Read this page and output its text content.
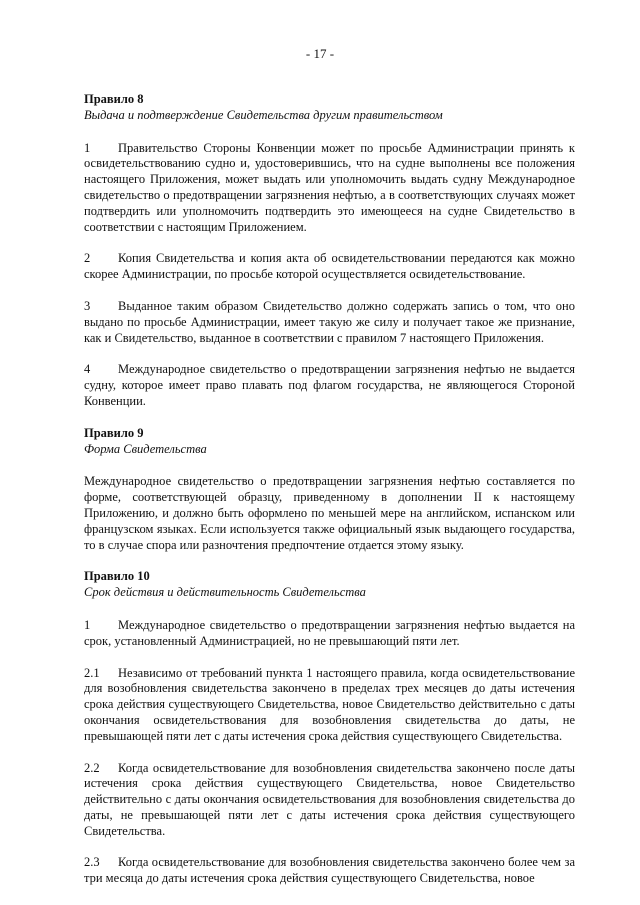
- 17 -

Правило 8

Выдача и подтверждение Свидетельства другим правительством

1 Правительство Стороны Конвенции может по просьбе Администрации принять к освидетельствованию судно и, удостоверившись, что на судне выполнены все положения настоящего Приложения, может выдать или уполномочить выдать судну Международное свидетельство о предотвращении загрязнения нефтью, а в соответствующих случаях может подтвердить или уполномочить подтвердить это имеющееся на судне Свидетельство в соответствии с настоящим Приложением.

2 Копия Свидетельства и копия акта об освидетельствовании передаются как можно скорее Администрации, по просьбе которой осуществляется освидетельствование.

3 Выданное таким образом Свидетельство должно содержать запись о том, что оно выдано по просьбе Администрации, имеет такую же силу и получает такое же признание, как и Свидетельство, выданное в соответствии с правилом 7 настоящего Приложения.

4 Международное свидетельство о предотвращении загрязнения нефтью не выдается судну, которое имеет право плавать под флагом государства, не являющегося Стороной Конвенции.

Правило 9

Форма Свидетельства

Международное свидетельство о предотвращении загрязнения нефтью составляется по форме, соответствующей образцу, приведенному в дополнении II к настоящему Приложению, и должно быть оформлено по меньшей мере на английском, испанском или французском языках. Если используется также официальный язык выдающего государства, то в случае спора или разночтения предпочтение отдается этому языку.

Правило 10

Срок действия и действительность Свидетельства

1 Международное свидетельство о предотвращении загрязнения нефтью выдается на срок, установленный Администрацией, но не превышающий пяти лет.

2.1 Независимо от требований пункта 1 настоящего правила, когда освидетельствование для возобновления свидетельства закончено в пределах трех месяцев до даты истечения срока действия существующего Свидетельства, новое Свидетельство действительно с даты окончания освидетельствования для возобновления свидетельства до даты, не превышающей пяти лет с даты истечения срока действия существующего Свидетельства.

2.2 Когда освидетельствование для возобновления свидетельства закончено после даты истечения срока действия существующего Свидетельства, новое Свидетельство действительно с даты окончания освидетельствования для возобновления свидетельства до даты, не превышающей пяти лет с даты истечения срока действия существующего Свидетельства.

2.3 Когда освидетельствование для возобновления свидетельства закончено более чем за три месяца до даты истечения срока действия существующего Свидетельства, новое
